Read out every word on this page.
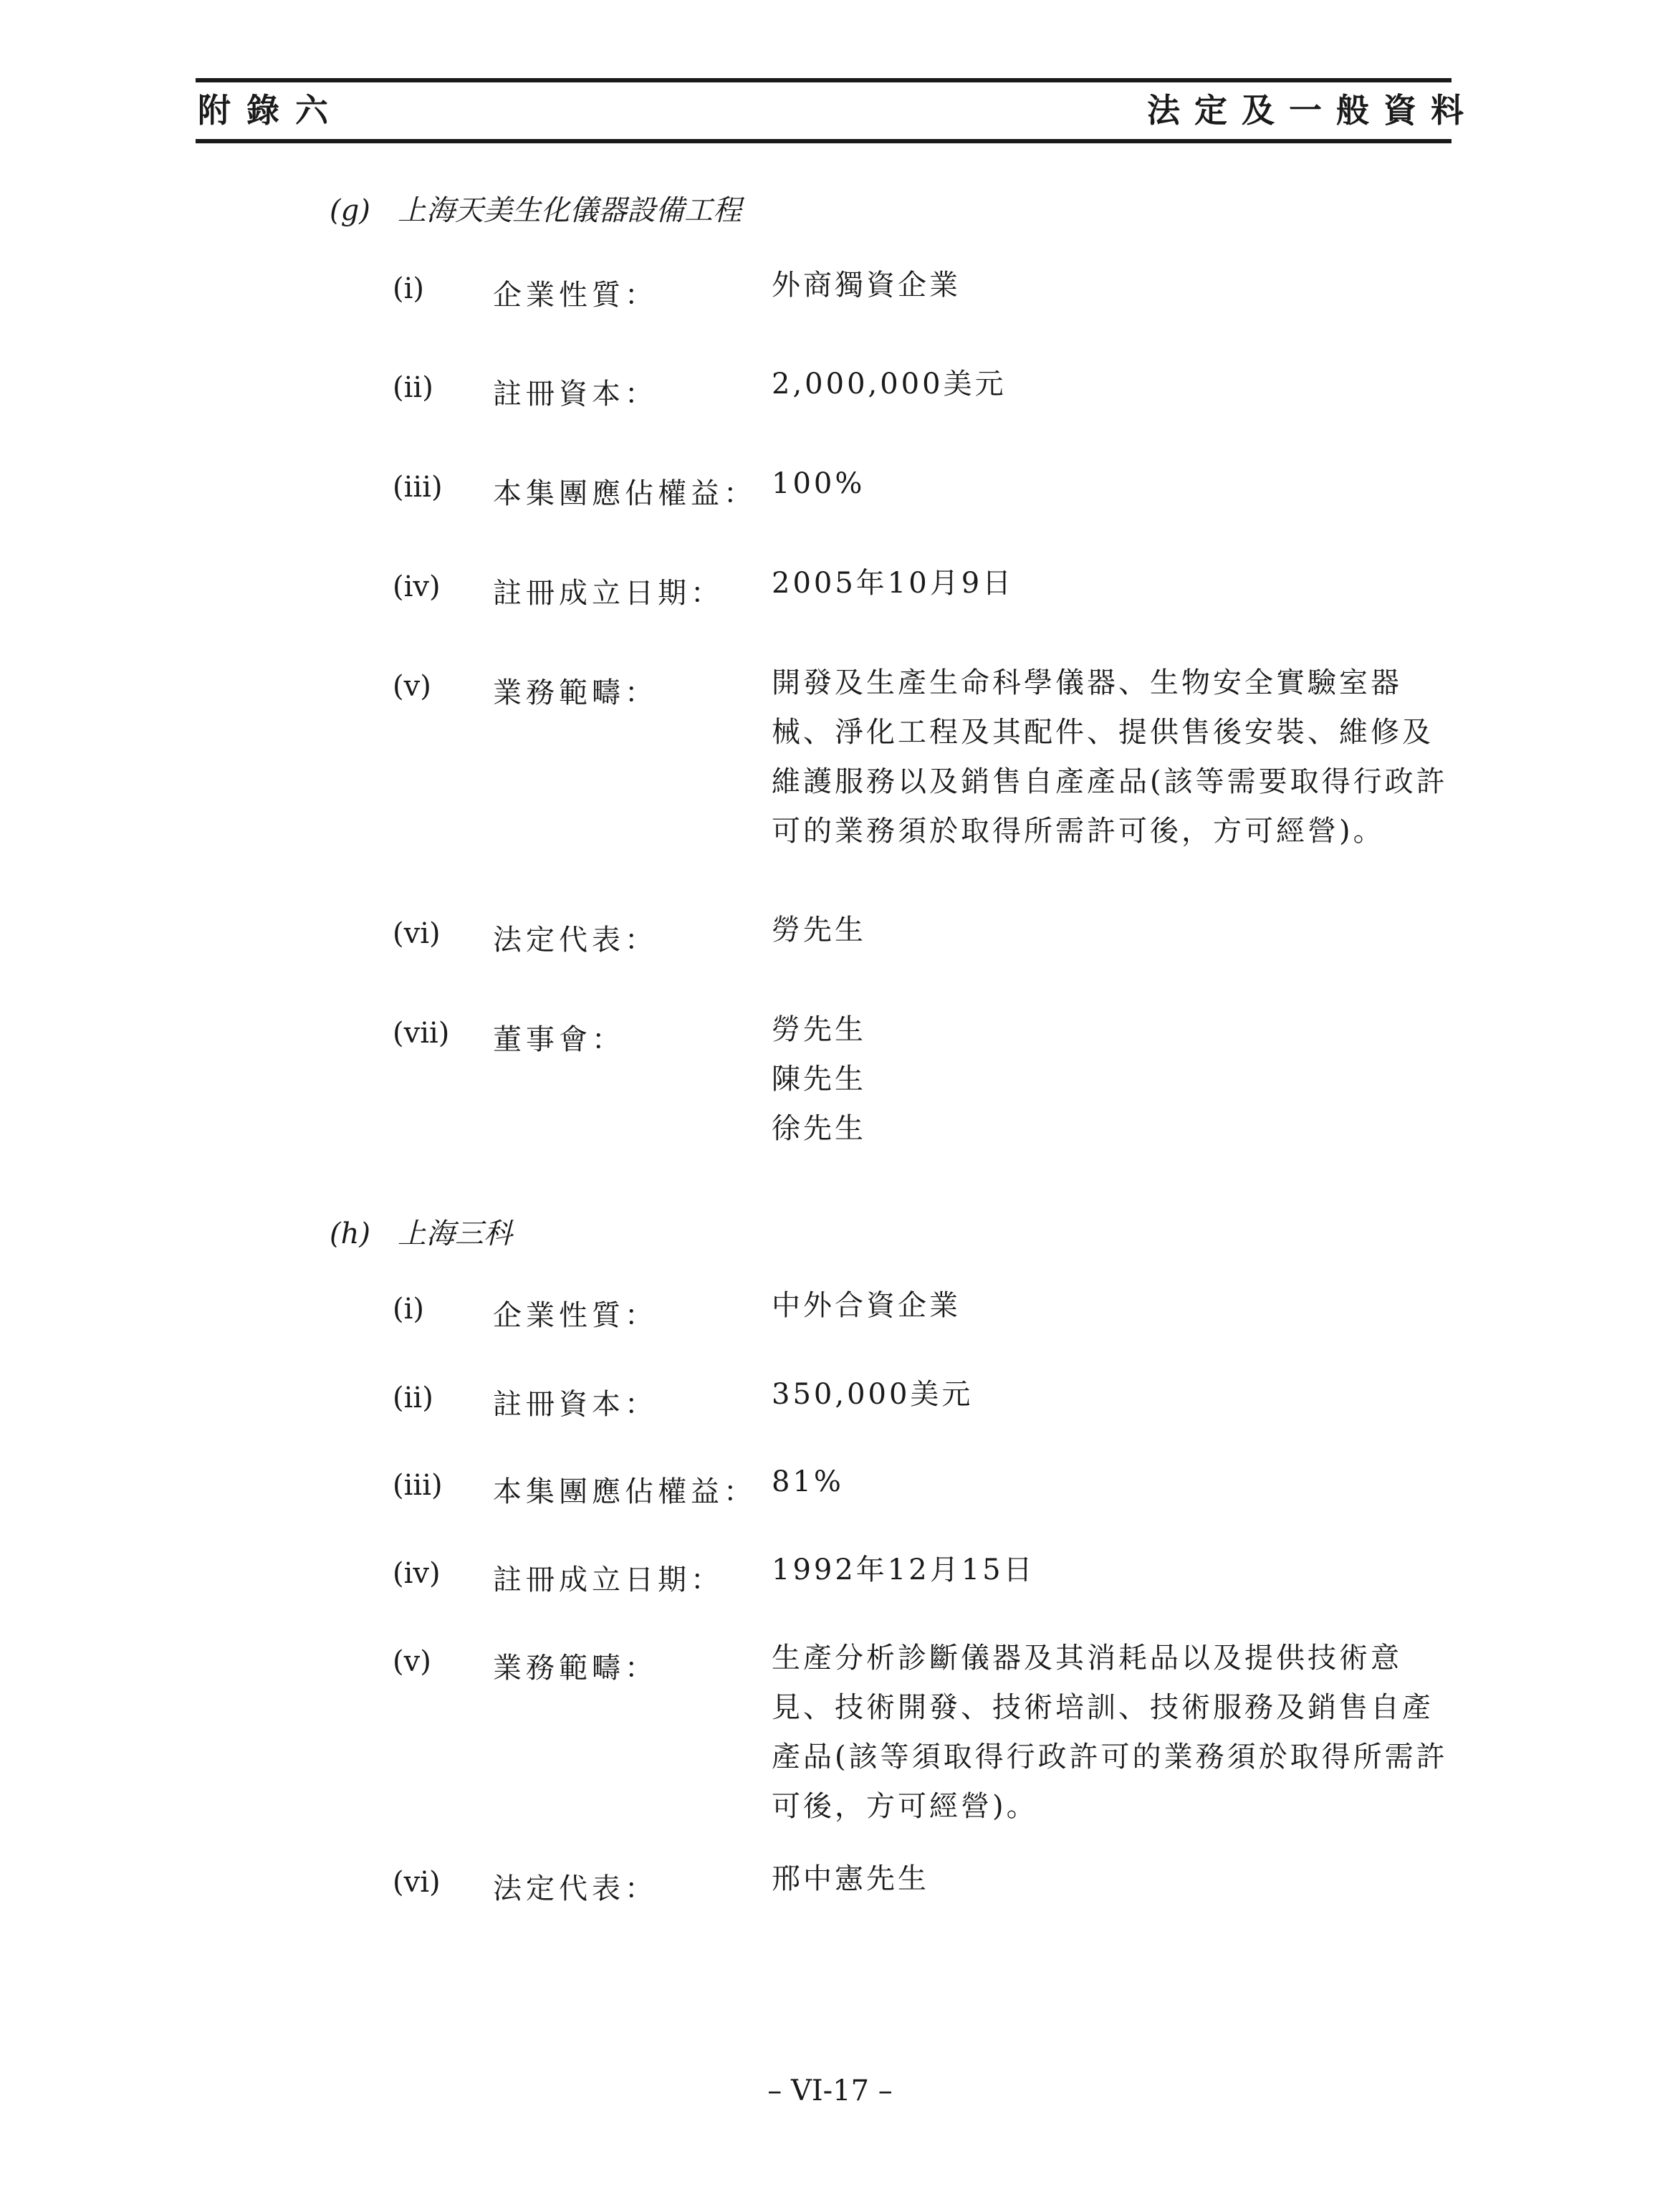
附錄六	法定及一般資料
(g) 上海天美生化儀器設備工程
(i) 企業性質：	外商獨資企業
(ii) 註冊資本：	2,000,000美元
(iii) 本集團應佔權益： 100%
(iv) 註冊成立日期： 2005年10月9日
(v) 業務範疇：	開發及生產生命科學儀器、生物安全實驗室器
械、淨化工程及其配件、提供售後安裝、維修及
維護服務以及銷售自產產品(該等需要取得行政許
可的業務須於取得所需許可後，方可經營)。
(vi) 法定代表：	勞先生
(vii) 董事會：	勞先生
陳先生
徐先生
(h) 上海三科
(i) 企業性質：	中外合資企業
(ii) 註冊資本：	350,000美元
(iii) 本集團應佔權益： 81%
(iv) 註冊成立日期： 1992年12月15日
(v) 業務範疇：	生產分析診斷儀器及其消耗品以及提供技術意
見、技術開發、技術培訓、技術服務及銷售自產
產品(該等須取得行政許可的業務須於取得所需許
可後，方可經營)。
(vi) 法定代表：	邢中憲先生
– VI-17 –
